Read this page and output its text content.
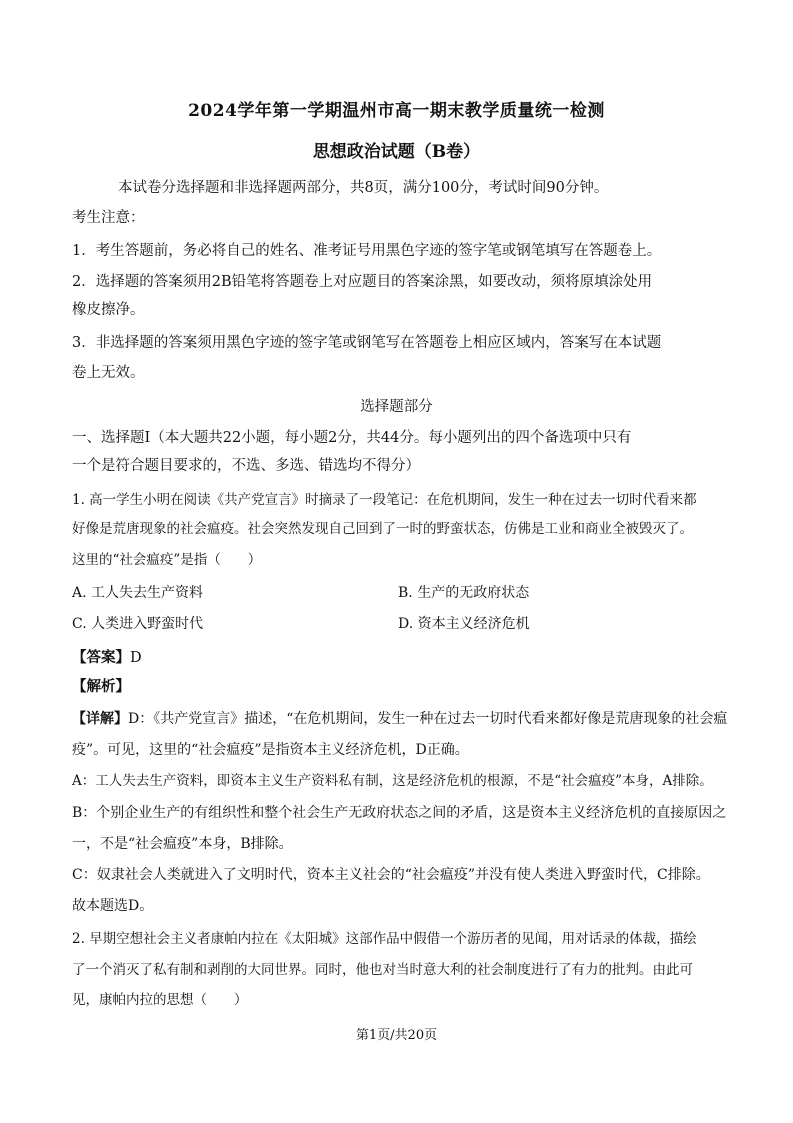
2024学年第一学期温州市高一期末教学质量统一检测
思想政治试题（B卷）
本试卷分选择题和非选择题两部分，共8页，满分100分，考试时间90分钟。
考生注意：
1．考生答题前，务必将自己的姓名、准考证号用黑色字迹的签字笔或钢笔填写在答题卷上。
2．选择题的答案须用2B铅笔将答题卷上对应题目的答案涂黑，如要改动，须将原填涂处用
橡皮擦净。
3．非选择题的答案须用黑色字迹的签字笔或钢笔写在答题卷上相应区域内，答案写在本试题
卷上无效。
选择题部分
一、选择题Ⅰ（本大题共22小题，每小题2分，共44分。每小题列出的四个备选项中只有
一个是符合题目要求的，不选、多选、错选均不得分）
1. 高一学生小明在阅读《共产党宣言》时摘录了一段笔记：在危机期间，发生一种在过去一切时代看来都
好像是荒唐现象的社会瘟疫。社会突然发现自己回到了一时的野蛮状态，仿佛是工业和商业全被毁灭了。
这里的“社会瘟疫”是指（　　）
A. 工人失去生产资料	B. 生产的无政府状态
C. 人类进入野蛮时代	D. 资本主义经济危机
【答案】D
【解析】
【详解】D：《共产党宣言》描述，“在危机期间，发生一种在过去一切时代看来都好像是荒唐现象的社会瘟
疫”。可见，这里的“社会瘟疫”是指资本主义经济危机，D正确。
A：工人失去生产资料，即资本主义生产资料私有制，这是经济危机的根源，不是“社会瘟疫”本身，A排除。
B：个别企业生产的有组织性和整个社会生产无政府状态之间的矛盾，这是资本主义经济危机的直接原因之
一，不是“社会瘟疫”本身，B排除。
C：奴隶社会人类就进入了文明时代，资本主义社会的“社会瘟疫”并没有使人类进入野蛮时代，C排除。
故本题选D。
2. 早期空想社会主义者康帕内拉在《太阳城》这部作品中假借一个游历者的见闻，用对话录的体裁，描绘
了一个消灭了私有制和剥削的大同世界。同时，他也对当时意大利的社会制度进行了有力的批判。由此可
见，康帕内拉的思想（　　）
第1页/共20页
